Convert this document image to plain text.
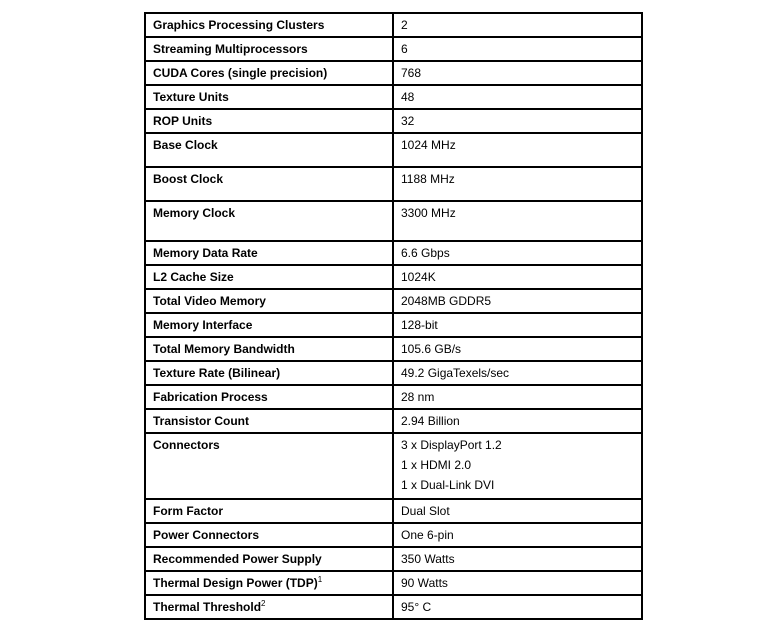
Graphics Processing Clusters	2
Streaming Multiprocessors	6
CUDA Cores (single precision)	768
Texture Units	48
ROP Units	32
Base Clock	1024 MHz
Boost Clock	1188 MHz
Memory Clock	3300 MHz
Memory Data Rate	6.6 Gbps
L2 Cache Size	1024K
Total Video Memory	2048MB GDDR5
Memory Interface	128-bit
Total Memory Bandwidth	105.6 GB/s
Texture Rate (Bilinear)	49.2 GigaTexels/sec
Fabrication Process	28 nm
Transistor Count	2.94 Billion
Connectors	3 x DisplayPort 1.2
1 x HDMI 2.0
1 x Dual-Link DVI

Form Factor	Dual Slot
Power Connectors	One 6-pin
Recommended Power Supply	350 Watts
Thermal Design Power (TDP)$^1$	90 Watts
Thermal Threshold$^2$	95° C
